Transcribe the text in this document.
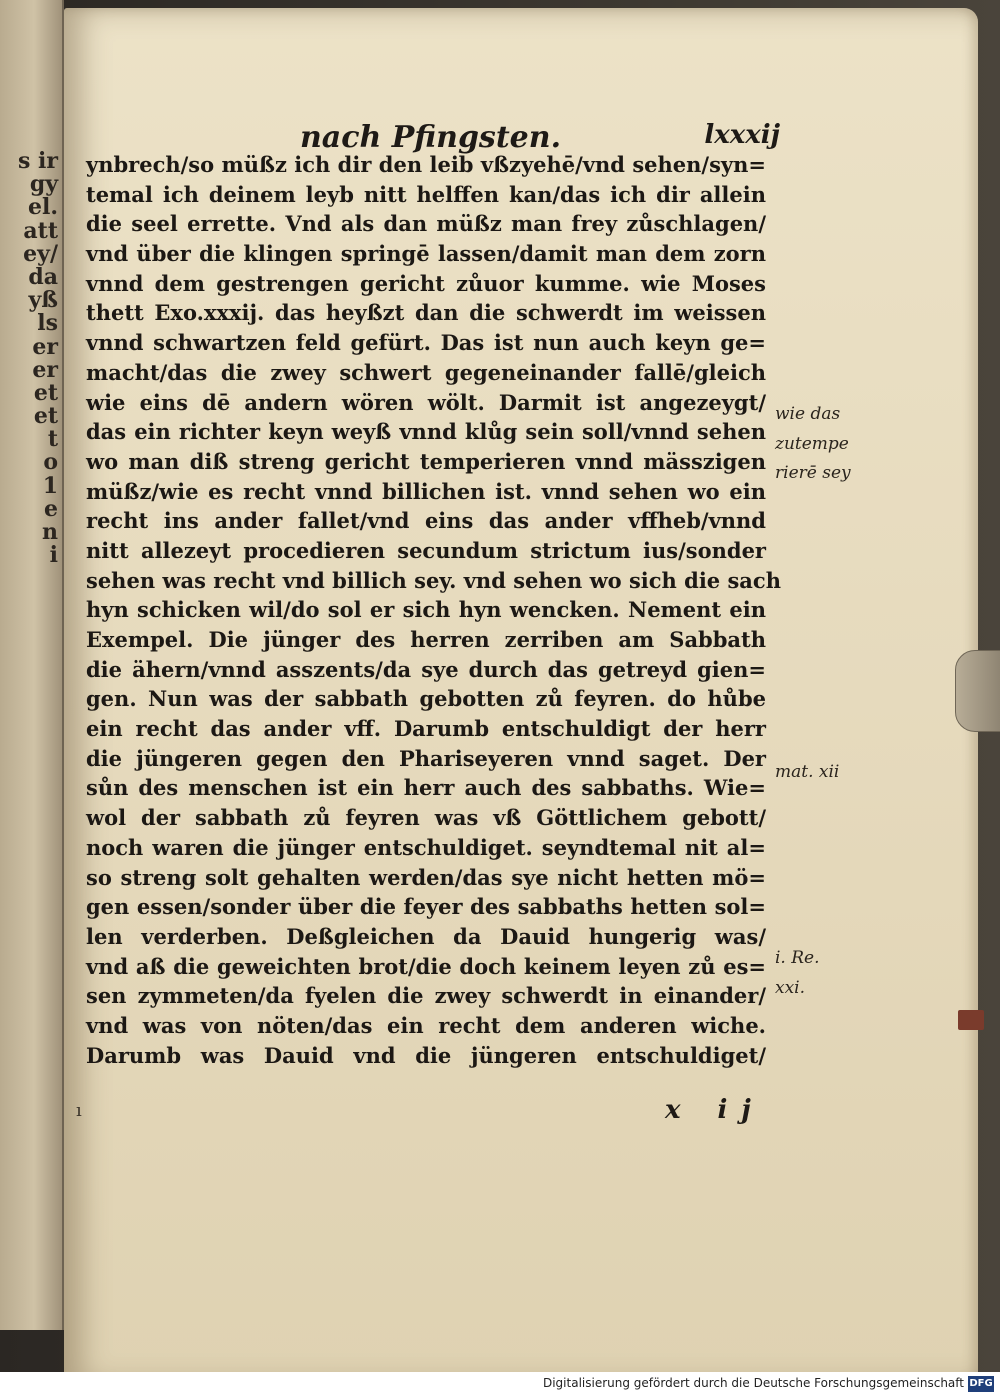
s ir
gy
el.
att
ey/
da
yß
ls
er
er
et
et
t
o
1
e
n
i
nach Pfingsten.	lxxxij
ynbrech/so müßz ich dir den leib vßzyehē/vnd sehen/syn=
temal ich deinem leyb nitt helffen kan/das ich dir allein
die seel errette. Vnd als dan müßz man frey zůschlagen/
vnd über die klingen springē lassen/damit man dem zorn
vnnd dem gestrengen gericht zůuor kumme. wie Moses
thett Exo.xxxij. das heyßzt dan die schwerdt im weissen
vnnd schwartzen feld gefürt. Das ist nun auch keyn ge=
macht/das die zwey schwert gegeneinander fallē/gleich
wie eins dē andern wören wölt. Darmit ist angezeygt/
das ein richter keyn weyß vnnd klůg sein soll/vnnd sehen
wo man diß streng gericht temperieren vnnd mässzigen
müßz/wie es recht vnnd billichen ist. vnnd sehen wo ein
recht ins ander fallet/vnd eins das ander vffheb/vnnd
nitt allezeyt procedieren secundum strictum ius/sonder
sehen was recht vnd billich sey. vnd sehen wo sich die sach
hyn schicken wil/do sol er sich hyn wencken. Nement ein
Exempel. Die jünger des herren zerriben am Sabbath
die ähern/vnnd asszents/da sye durch das getreyd gien=
gen. Nun was der sabbath gebotten zů feyren. do hůbe
ein recht das ander vff. Darumb entschuldigt der herr
die jüngeren gegen den Phariseyeren vnnd saget. Der
sůn des menschen ist ein herr auch des sabbaths. Wie=
wol der sabbath zů feyren was vß Göttlichem gebott/
noch waren die jünger entschuldiget. seyndtemal nit al=
so streng solt gehalten werden/das sye nicht hetten mö=
gen essen/sonder über die feyer des sabbaths hetten sol=
len verderben. Deßgleichen da Dauid hungerig was/
vnd aß die geweichten brot/die doch keinem leyen zů es=
sen zymmeten/da fyelen die zwey schwerdt in einander/
vnd was von nöten/das ein recht dem anderen wiche.
Darumb was Dauid vnd die jüngeren entschuldiget/
wie das
zutempe
rierē sey
mat. xii
i. Re.
xxi.
ı	x ij
Digitalisierung gefördert durch die Deutsche Forschungsgemeinschaft DFG
